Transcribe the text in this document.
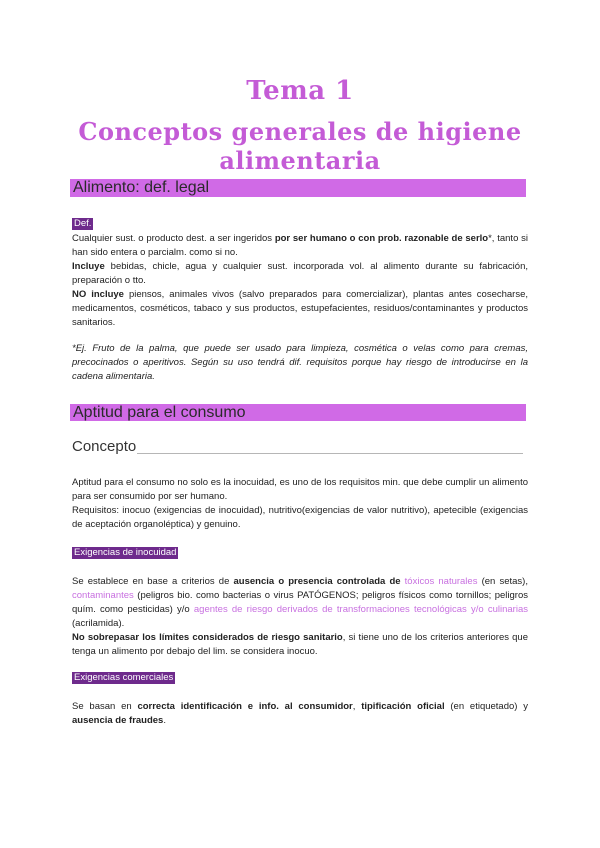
Tema 1
Conceptos generales de higiene alimentaria
Alimento: def. legal
Def.

Cualquier sust. o producto dest. a ser ingeridos por ser humano o con prob. razonable de serlo*, tanto si han sido entera o parcialm. como si no.

Incluye bebidas, chicle, agua y cualquier sust. incorporada vol. al alimento durante su fabricación, preparación o tto.

NO incluye piensos, animales vivos (salvo preparados para comercializar), plantas antes cosecharse, medicamentos, cosméticos, tabaco y sus productos, estupefacientes, residuos/contaminantes y productos sanitarios.

*Ej. Fruto de la palma, que puede ser usado para limpieza, cosmética o velas como para cremas, precocinados o aperitivos. Según su uso tendrá dif. requisitos porque hay riesgo de introducirse en la cadena alimentaria.
Aptitud para el consumo
Concepto

Aptitud para el consumo no solo es la inocuidad, es uno de los requisitos min. que debe cumplir un alimento para ser consumido por ser humano.

Requisitos: inocuo (exigencias de inocuidad), nutritivo(exigencias de valor nutritivo), apetecible (exigencias de aceptación organoléptica) y genuino.

Exigencias de inocuidad

Se establece en base a criterios de ausencia o presencia controlada de tóxicos naturales (en setas), contaminantes (peligros bio. como bacterias o virus PATÓGENOS; peligros físicos como tornillos; peligros quím. como pesticidas) y/o agentes de riesgo derivados de transformaciones tecnológicas y/o culinarias (acrilamida).

No sobrepasar los límites considerados de riesgo sanitario, si tiene uno de los criterios anteriores que tenga un alimento por debajo del lim. se considera inocuo.

Exigencias comerciales

Se basan en correcta identificación e info. al consumidor, tipificación oficial (en etiquetado) y ausencia de fraudes.
